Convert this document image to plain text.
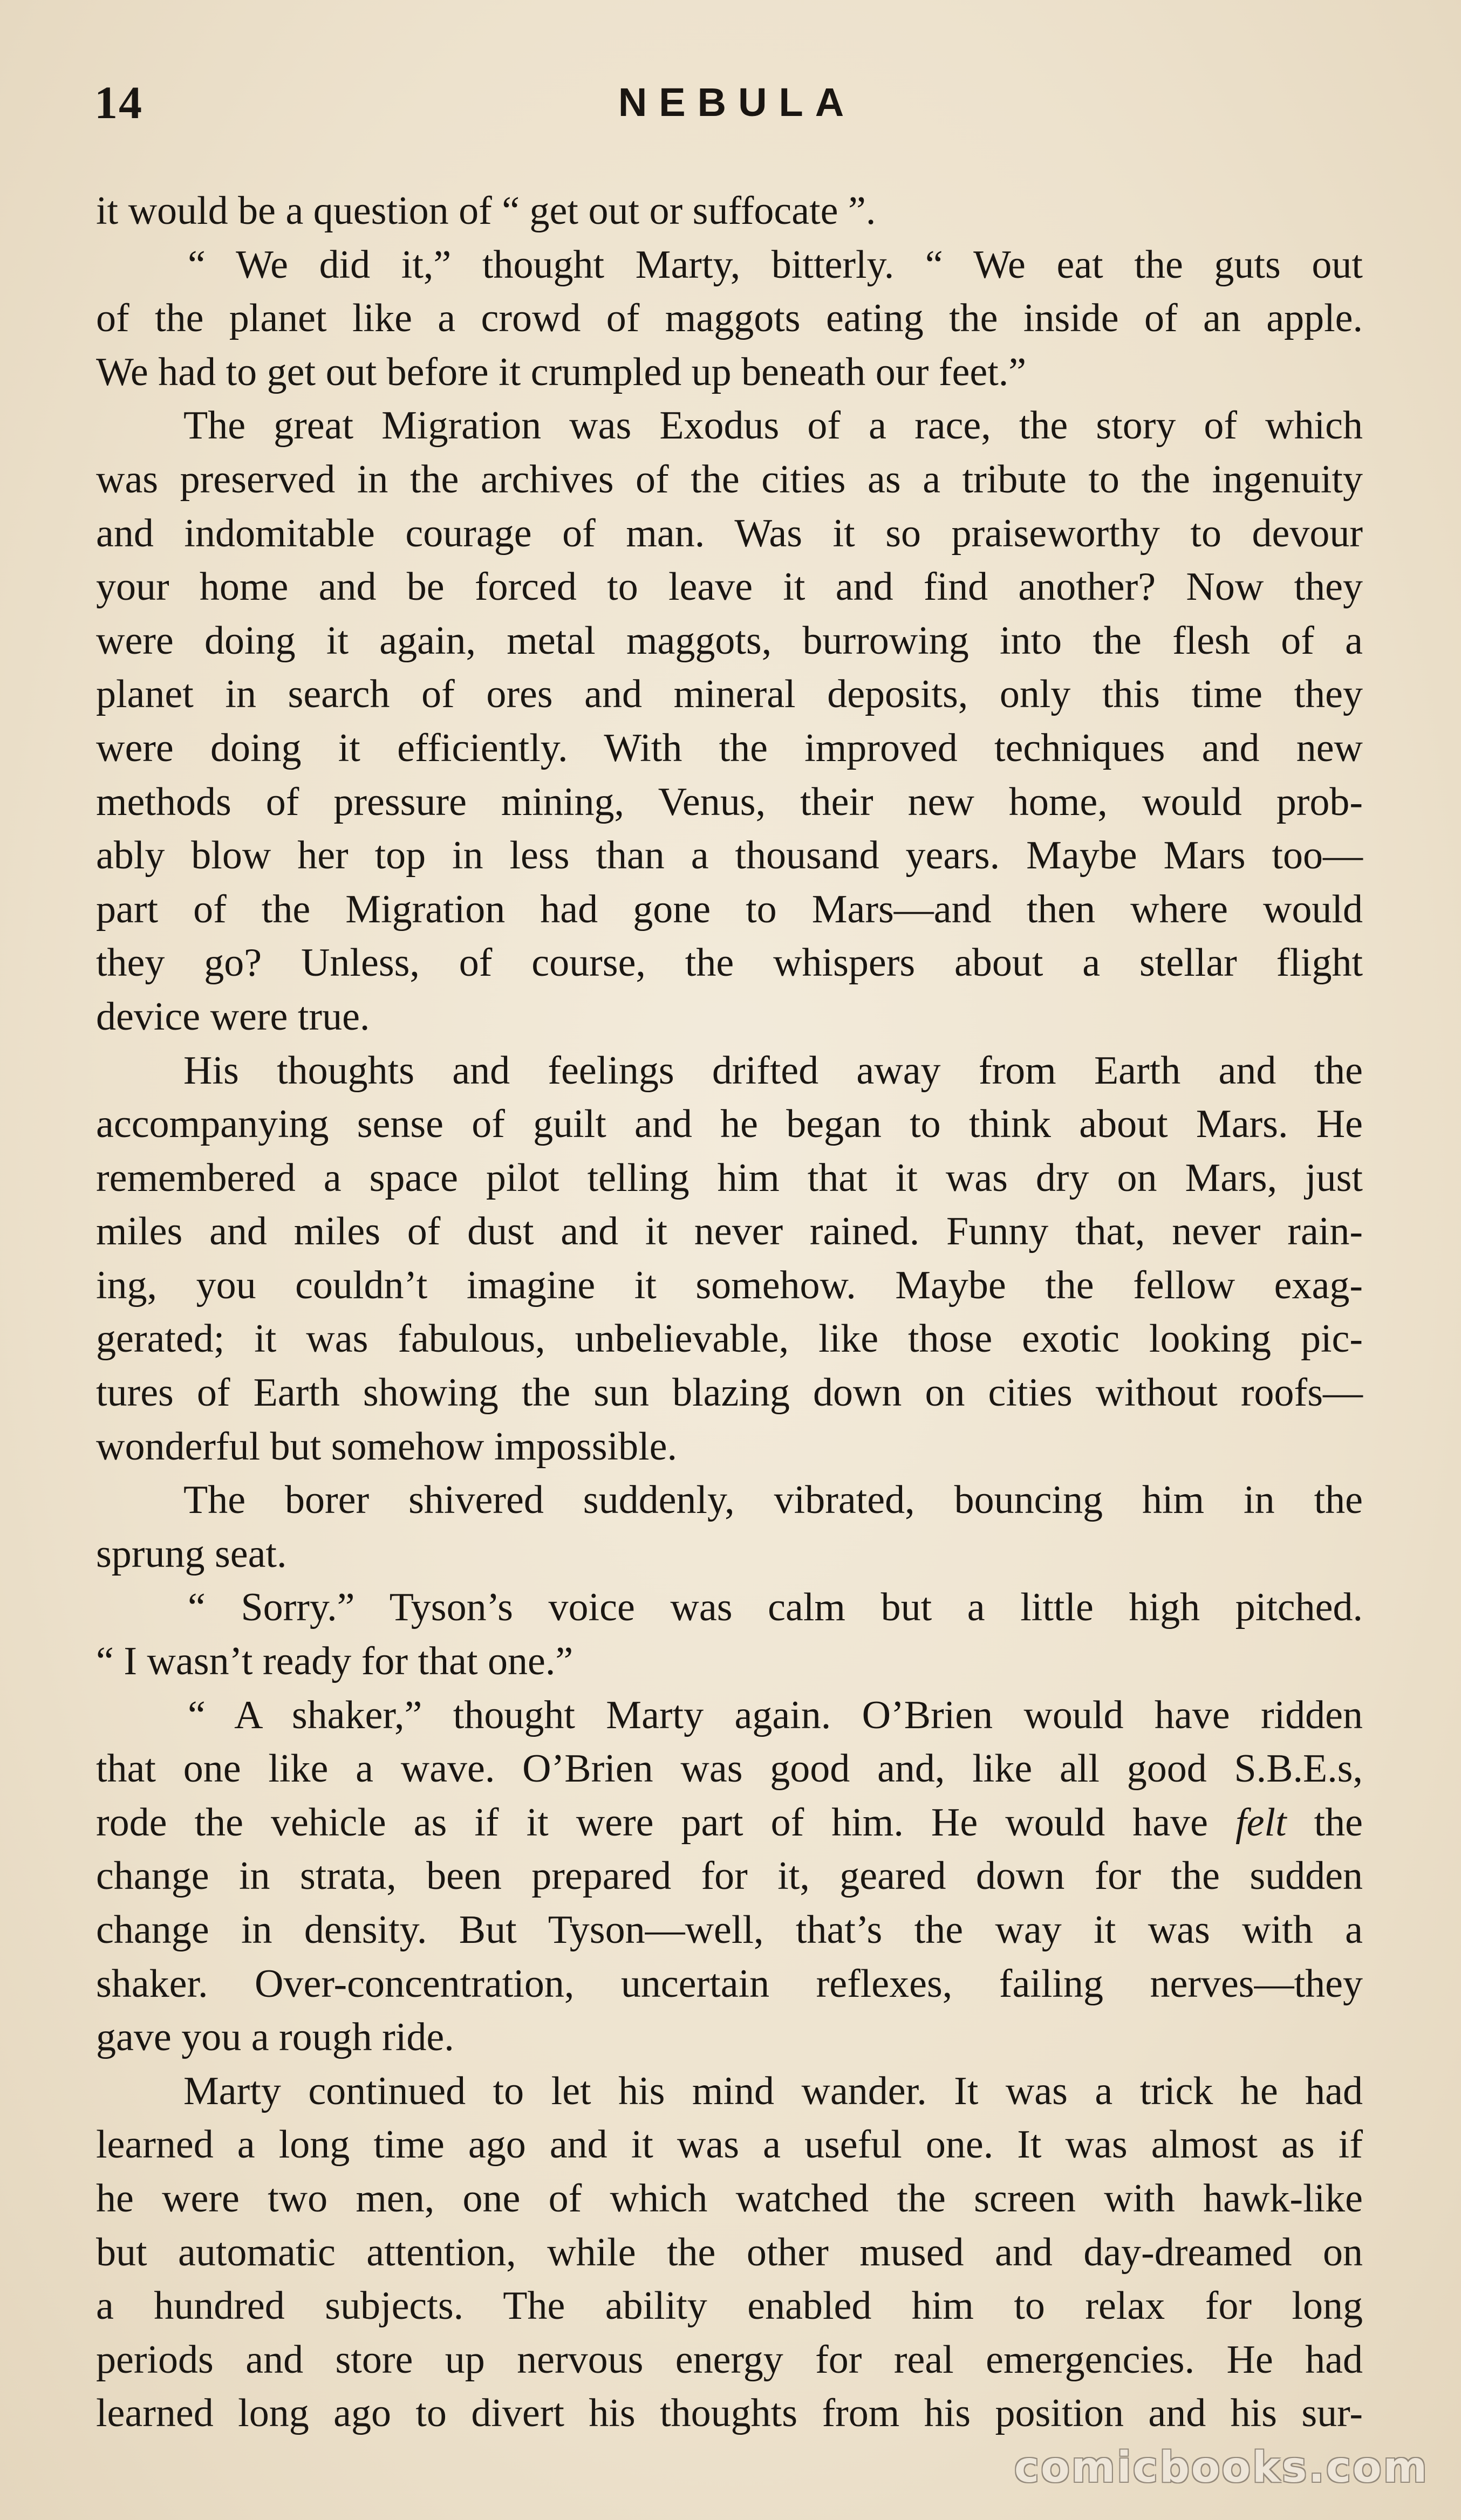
14	NEBULA
it would be a question of “ get out or suffocate ”.
“ We did it,” thought Marty, bitterly. “ We eat the guts out
of the planet like a crowd of maggots eating the inside of an apple.
We had to get out before it crumpled up beneath our feet.”
The great Migration was Exodus of a race, the story of which
was preserved in the archives of the cities as a tribute to the ingenuity
and indomitable courage of man. Was it so praiseworthy to devour
your home and be forced to leave it and find another? Now they
were doing it again, metal maggots, burrowing into the flesh of a
planet in search of ores and mineral deposits, only this time they
were doing it efficiently. With the improved techniques and new
methods of pressure mining, Venus, their new home, would prob-
ably blow her top in less than a thousand years. Maybe Mars too—
part of the Migration had gone to Mars—and then where would
they go? Unless, of course, the whispers about a stellar flight
device were true.
His thoughts and feelings drifted away from Earth and the
accompanying sense of guilt and he began to think about Mars. He
remembered a space pilot telling him that it was dry on Mars, just
miles and miles of dust and it never rained. Funny that, never rain-
ing, you couldn’t imagine it somehow. Maybe the fellow exag-
gerated; it was fabulous, unbelievable, like those exotic looking pic-
tures of Earth showing the sun blazing down on cities without roofs—
wonderful but somehow impossible.
The borer shivered suddenly, vibrated, bouncing him in the
sprung seat.
“ Sorry.” Tyson’s voice was calm but a little high pitched.
“ I wasn’t ready for that one.”
“ A shaker,” thought Marty again. O’Brien would have ridden
that one like a wave. O’Brien was good and, like all good S.B.E.s,
rode the vehicle as if it were part of him. He would have felt the
change in strata, been prepared for it, geared down for the sudden
change in density. But Tyson—well, that’s the way it was with a
shaker. Over-concentration, uncertain reflexes, failing nerves—they
gave you a rough ride.
Marty continued to let his mind wander. It was a trick he had
learned a long time ago and it was a useful one. It was almost as if
he were two men, one of which watched the screen with hawk-like
but automatic attention, while the other mused and day-dreamed on
a hundred subjects. The ability enabled him to relax for long
periods and store up nervous energy for real emergencies. He had
learned long ago to divert his thoughts from his position and his sur-
comicbooks.com
